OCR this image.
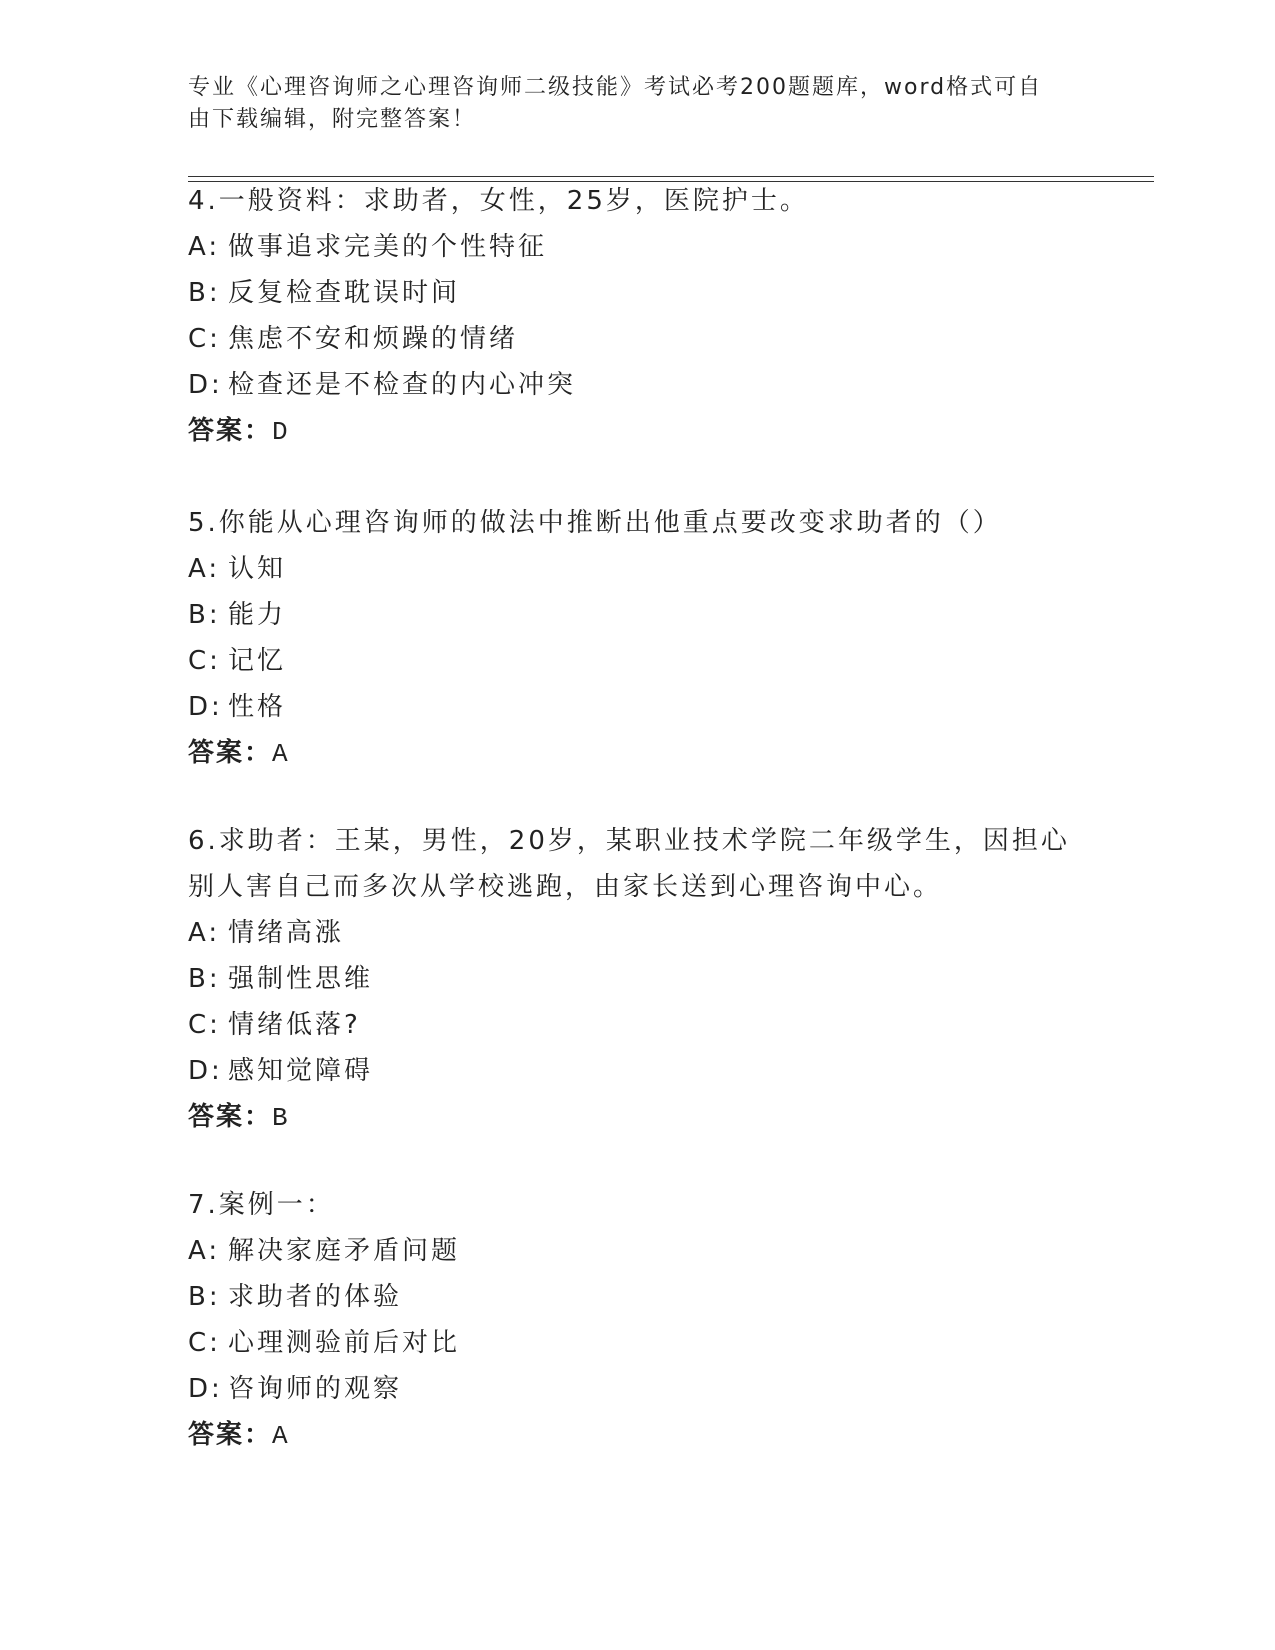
专业《心理咨询师之心理咨询师二级技能》考试必考200题题库，word格式可自
由下载编辑，附完整答案！
4.一般资料：求助者，女性，25岁，医院护士。
A: 做事追求完美的个性特征
B: 反复检查耽误时间
C: 焦虑不安和烦躁的情绪
D: 检查还是不检查的内心冲突
答案：D
5.你能从心理咨询师的做法中推断出他重点要改变求助者的（）
A: 认知
B: 能力
C: 记忆
D: 性格
答案：A
6.求助者：王某，男性，20岁，某职业技术学院二年级学生，因担心
别人害自己而多次从学校逃跑，由家长送到心理咨询中心。
A: 情绪高涨
B: 强制性思维
C: 情绪低落?
D: 感知觉障碍
答案：B
7.案例一：
A: 解决家庭矛盾问题
B: 求助者的体验
C: 心理测验前后对比
D: 咨询师的观察
答案：A
